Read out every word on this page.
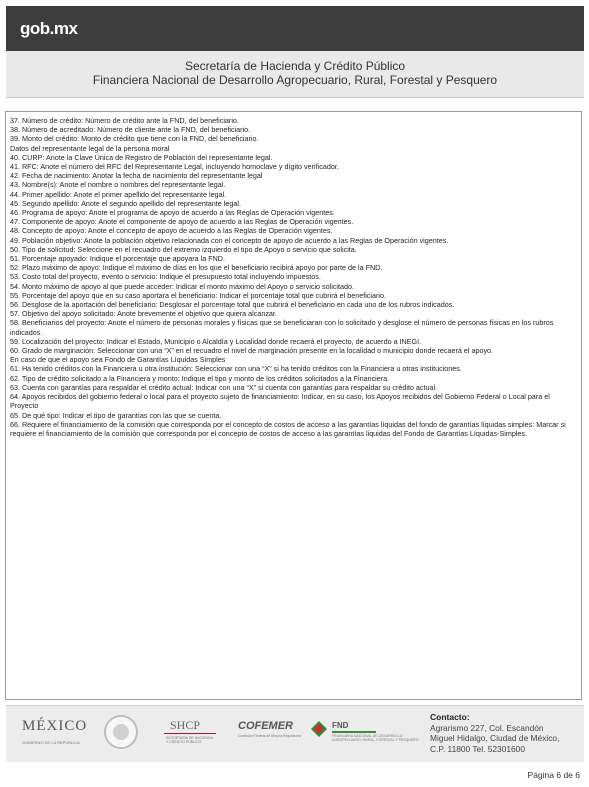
gob.mx
Secretaría de Hacienda y Crédito Público
Financiera Nacional de Desarrollo Agropecuario, Rural, Forestal y Pesquero
37. Número de crédito: Número de crédito ante la FND, del beneficiario.
38. Número de acreditado: Número de cliente ante la FND, del beneficiario.
39. Monto del crédito: Monto de crédito que tiene con la FND, del beneficiario.
Datos del representante legal de la persona moral
40. CURP: Anote la Clave Única de Registro de Población del representante legal.
41. RFC: Anote el número del RFC del Representante Legal, incluyendo homoclave y dígito verificador.
42. Fecha de nacimiento: Anotar la fecha de nacimiento del representante legal
43. Nombre(s): Anote el nombre o nombres del representante legal.
44. Primer apellido: Anote el primer apellido del representante legal.
45. Segundo apellido: Anote el segundo apellido del representante legal.
46. Programa de apoyo: Anote el programa de apoyo de acuerdo a las Reglas de Operación vigentes.
47. Componente de apoyo: Anote el componente de apoyo de acuerdo a las Reglas de Operación vigentes.
48. Concepto de apoyo: Anote el concepto de apoyo de acuerdo a las Reglas de Operación vigentes.
49. Población objetivo: Anote la población objetivo relacionada con el concepto de apoyo de acuerdo a las Reglas de Operación vigentes.
50. Tipo de solicitud: Seleccione en el recuadro del extremo izquierdo el tipo de Apoyo o servicio que solicita.
51. Porcentaje apoyado: Indique el porcentaje que apoyara la FND.
52. Plazo máximo de apoyo: Indique el máximo de días en los que el beneficiario recibirá apoyo por parte de la FND.
53. Costo total del proyecto, evento o servicio: Indique el presupuesto total incluyendo impuestos.
54. Monto máximo de apoyo al que puede acceder: Indicar el monto máximo del Apoyo o servicio solicitado.
55. Porcentaje del apoyo que en su caso aportara el beneficiario: Indicar el porcentaje total que cubrirá el beneficiario.
56. Desglose de la aportación del beneficiario: Desglosar el porcentaje total que cubrirá el beneficiario en cada uno de los rubros indicados.
57. Objetivo del apoyo solicitado: Anote brevemente el objetivo que quiera alcanzar.
58. Beneficiarios del proyecto: Anote el número de personas morales y físicas que se beneficiaran con lo solicitado y desglose el número de personas físicas en los rubros indicados.
59. Localización del proyecto: Indicar el Estado, Municipio o Alcaldía y Localidad donde recaerá el proyecto, de acuerdo a INEGI.
60. Grado de marginación: Seleccionar con una “X” en el recuadro el nivel de marginación presente en la localidad o municipio donde recaerá el apoyo.
En caso de que el apoyo sea Fondo de Garantías Líquidas Simples
61. Ha tenido créditos con la Financiera u otra institución: Seleccionar con una “X” si ha tenido créditos con la Financiera u otras instituciones.
62. Tipo de crédito solicitado a la Financiera y monto: Indique el tipo y monto de los créditos solicitados a la Financiera.
63. Cuenta con garantías para respaldar el crédito actual: Indicar con una “X” si cuenta con garantías para respaldar su crédito actual.
64. Apoyos recibidos del gobierno federal o local para el proyecto sujeto de financiamiento: Indicar, en su caso, los Apoyos recibidos del Gobierno Federal o Local para el Proyecto
65. De qué tipo: Indicar el tipo de garantías con las que se cuenta.
66. Requiere el financiamiento de la comisión que corresponda por el concepto de costos de acceso a las garantías líquidas del fondo de garantías líquidas simples: Marcar si requiere el financiamiento de la comisión que corresponda por el concepto de costos de acceso a las garantías liquidas del Fondo de Garantías Líquidas-Simples.
MÉXICO
GOBIERNO DE LA REPÚBLICA
SHCP
SECRETARÍA DE HACIENDA
Y CRÉDITO PÚBLICO
COFEMER
Comisión Federal de Mejora Regulatoria
FND
FINANCIERA NACIONAL DE DESARROLLO
AGROPECUARIO, RURAL, FORESTAL Y PESQUERO
Contacto:
Agrarismo 227, Col. Escandón
Miguel Hidalgo, Ciudad de México,
C.P. 11800 Tel. 52301600
Página 6 de 6
